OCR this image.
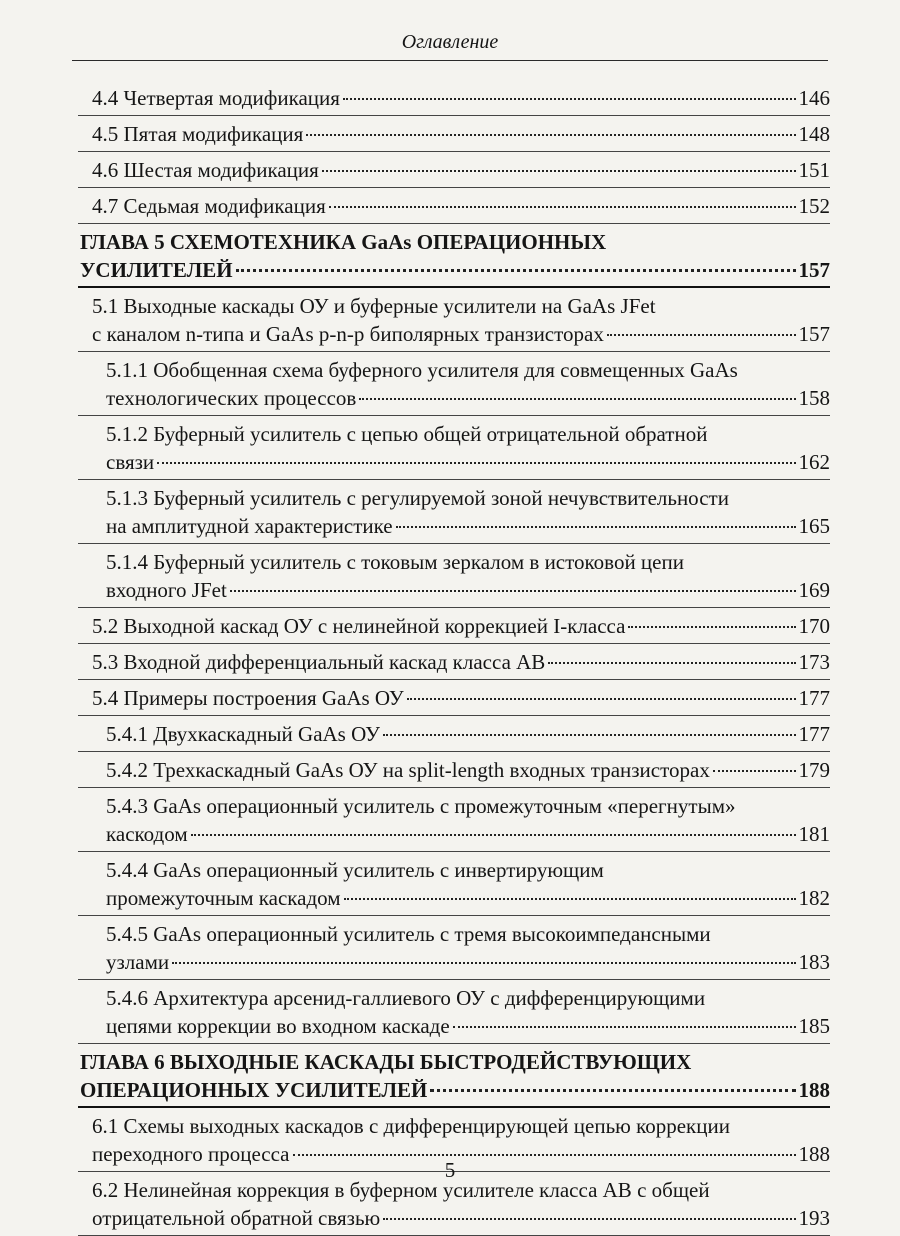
Оглавление
4.4 Четвертая модификация	146
4.5 Пятая модификация	148
4.6 Шестая модификация	151
4.7 Седьмая модификация	152
ГЛАВА 5 СХЕМОТЕХНИКА GaAs ОПЕРАЦИОННЫХ
УСИЛИТЕЛЕЙ	157
5.1 Выходные каскады ОУ и буферные усилители на GaAs JFet
с каналом n-типа и GaAs p-n-p биполярных транзисторах	157
5.1.1 Обобщенная схема буферного усилителя для совмещенных GaAs
технологических процессов	158
5.1.2 Буферный усилитель с цепью общей отрицательной обратной
связи	162
5.1.3 Буферный усилитель с регулируемой зоной нечувствительности
на амплитудной характеристике	165
5.1.4 Буферный усилитель с токовым зеркалом в истоковой цепи
входного JFet	169
5.2 Выходной каскад ОУ с нелинейной коррекцией I-класса	170
5.3 Входной дифференциальный каскад класса АВ	173
5.4 Примеры построения GaAs ОУ	177
5.4.1 Двухкаскадный GaAs ОУ	177
5.4.2 Трехкаскадный GaAs ОУ на split-length входных транзисторах	179
5.4.3 GaAs операционный усилитель с промежуточным «перегнутым»
каскодом	181
5.4.4 GaAs операционный усилитель с инвертирующим
промежуточным каскадом	182
5.4.5 GaAs операционный усилитель с тремя высокоимпедансными
узлами	183
5.4.6 Архитектура арсенид-галлиевого ОУ с дифференцирующими
цепями коррекции во входном каскаде	185
ГЛАВА 6 ВЫХОДНЫЕ КАСКАДЫ БЫСТРОДЕЙСТВУЮЩИХ
ОПЕРАЦИОННЫХ УСИЛИТЕЛЕЙ	188
6.1 Схемы выходных каскадов с дифференцирующей цепью коррекции
переходного процесса	188
6.2 Нелинейная коррекция в буферном усилителе класса АВ с общей
отрицательной обратной связью	193
5
